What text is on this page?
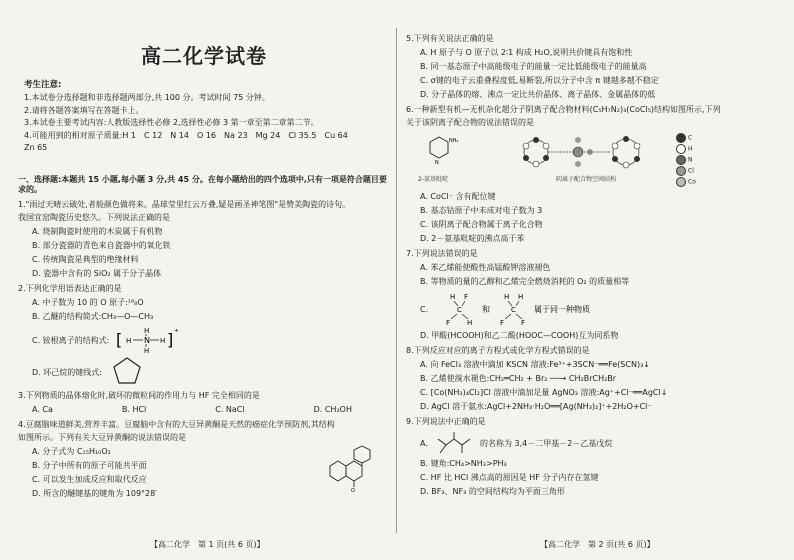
高二化学试卷
考生注意:
1.本试卷分选择题和非选择题两部分,共 100 分。考试时间 75 分钟。
2.请将各题答案填写在答题卡上。
3.本试卷主要考试内容:人教版选择性必修 2,选择性必修 3 第一章至第二章第二节。
4.可能用到的相对原子质量:H 1　C 12　N 14　O 16　Na 23　Mg 24　Cl 35.5　Cu 64
Zn 65
一、选择题:本题共 15 小题,每小题 3 分,共 45 分。在每小题给出的四个选项中,只有一项是符合题目要求的。
1."雨过天晴云破处,者般颜色做将来。晶球莹里红云万叠,疑是画圣神笔图"是赞美陶瓷的诗句。
我国宜窑陶瓷历史悠久。下列说法正确的是
A. 烧制陶瓷时使用的木炭属于有机物
B. 部分瓷器的青色来自瓷器中的氧化铁
C. 传统陶瓷是典型的绝缘材料
D. 瓷器中含有的 SiO₂ 属于分子晶体
2.下列化学用语表达正确的是
A. 中子数为 10 的 O 原子:¹⁸₈O
B. 乙醚的结构简式:CH₃—O—CH₃
C. 铵根离子的结构式: [	N
H
H
H	H ] ⁺
D. 环己烷的键线式:
3.下列物质的晶体熔化时,破坏的微粒间的作用力与 HF 完全相同的是
A. Ca	B. HCl	C. NaCl	D. CH₃OH
4.豆腐脑味道鲜美,营养丰富。豆腐脑中含有的大豆异黄酮是天然的癌症化学预防剂,其结构
如图所示。下列有关大豆异黄酮的说法错误的是
A. 分子式为 C₁₅H₁₀O₂
B. 分子中所有的原子可能共平面
C. 可以发生加成反应和取代反应
D. 所含的醚键基的键角为 109°28′	O
5.下列有关说法正确的是
A. H 原子与 O 原子以 2∶1 构成 H₂O,说明共价键具有饱和性
B. 同一基态原子中高能级电子的能量一定比低能级电子的能量高
C. σ键的电子云重叠程度低,易断裂,所以分子中含 π 键越多越不稳定
D. 分子晶体的熔、沸点一定比共价晶体、离子晶体、金属晶体的低
6.一种新型有机—无机杂化超分子阴离子配合物材料(C₅H₇N₂)₃(CoCl₅)结构如图所示,下列
关于该阴离子配合物的说法错误的是
N
NH₂
2-氨基吡啶	阴离子配合物空间结构
C
H
N
Cl
Co
A. CoCl⁻ 含有配位键
B. 基态钴原子中未成对电子数为 3
C. 该阴离子配合物属于离子化合物
D. 2－氨基吡啶的沸点高于苯
7.下列说法错误的是
A. 苯乙烯能使酸性高锰酸钾溶液褪色
B. 等物质的量的乙醇和乙烯完全燃烧消耗的 O₂ 的质量相等
C.
H F
C
F H
和
H H
C
F F
属于同一种物质
D. 甲酸(HCOOH)和乙二酸(HOOC—COOH)互为同系物
8.下列反应对应的离子方程式或化学方程式错误的是
A. 向 FeCl₃ 溶液中滴加 KSCN 溶液:Fe³⁺+3SCN⁻══Fe(SCN)₃↓
B. 乙烯使溴水褪色:CH₂═CH₂ + Br₂ ──→ CH₂BrCH₂Br
C. [Co(NH₃)₄Cl₂]Cl 溶液中滴加足量 AgNO₃ 溶液:Ag⁺+Cl⁻══AgCl↓
D. AgCl 溶于氨水:AgCl+2NH₃·H₂O══[Ag(NH₃)₂]⁺+2H₂O+Cl⁻
9.下列说法中正确的是
A.	的名称为 3,4－二甲基－2－乙基戊烷
B. 键角:CH₄>NH₃>PH₃
C. HF 比 HCl 沸点高的原因是 HF 分子内存在氢键
D. BF₃、NF₃ 的空间结构均为平面三角形
【高二化学　第 1 页(共 6 页)】	【高二化学　第 2 页(共 6 页)】
